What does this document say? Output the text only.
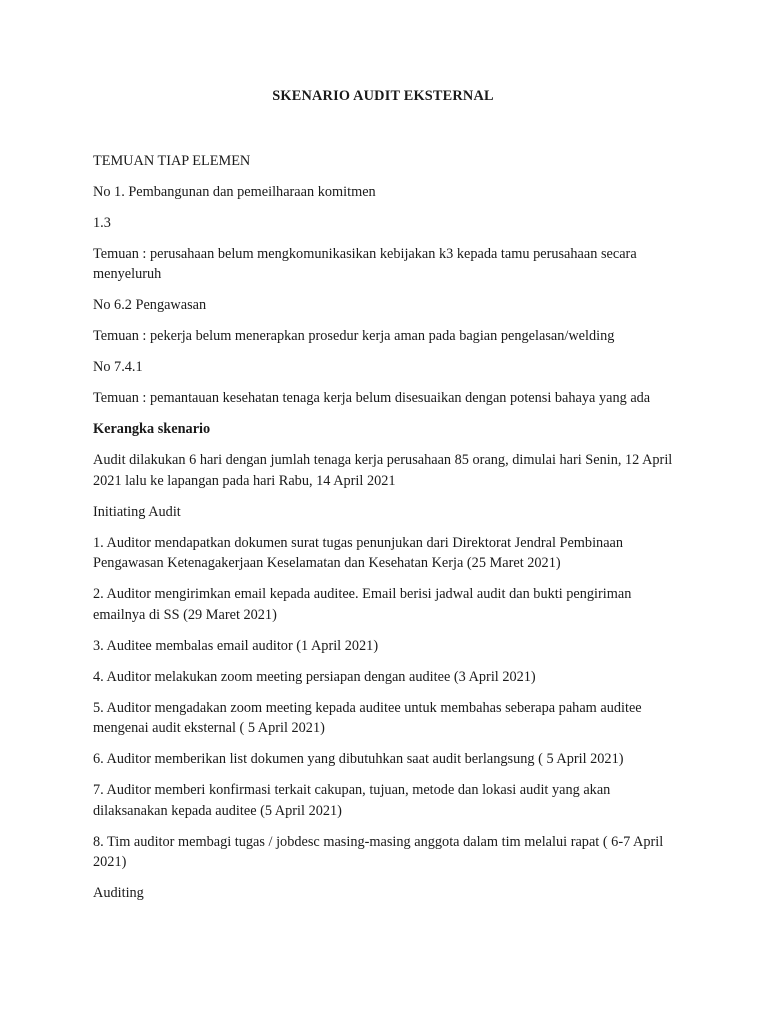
SKENARIO AUDIT EKSTERNAL

TEMUAN TIAP ELEMEN

No 1. Pembangunan dan pemeilharaan komitmen

1.3

Temuan : perusahaan belum mengkomunikasikan kebijakan k3 kepada tamu perusahaan secara menyeluruh

No 6.2 Pengawasan

Temuan : pekerja belum menerapkan prosedur kerja aman pada bagian pengelasan/welding

No 7.4.1

Temuan : pemantauan kesehatan tenaga kerja belum disesuaikan dengan potensi bahaya yang ada

Kerangka skenario

Audit dilakukan 6 hari dengan jumlah tenaga kerja perusahaan 85 orang, dimulai hari Senin, 12 April 2021 lalu ke lapangan pada hari Rabu, 14 April 2021

Initiating Audit

1. Auditor mendapatkan dokumen surat tugas penunjukan dari Direktorat Jendral Pembinaan Pengawasan Ketenagakerjaan Keselamatan dan Kesehatan Kerja (25 Maret 2021)

2. Auditor mengirimkan email kepada auditee. Email berisi jadwal audit dan bukti pengiriman emailnya di SS (29 Maret 2021)

3. Auditee membalas email auditor (1 April 2021)

4. Auditor melakukan zoom meeting persiapan dengan auditee (3 April 2021)

5. Auditor mengadakan zoom meeting kepada auditee untuk membahas seberapa paham auditee mengenai audit eksternal ( 5 April 2021)

6. Auditor memberikan list dokumen yang dibutuhkan saat audit berlangsung ( 5 April 2021)

7. Auditor memberi konfirmasi terkait cakupan, tujuan, metode dan lokasi audit yang akan dilaksanakan kepada auditee (5 April 2021)

8. Tim auditor membagi tugas / jobdesc masing-masing anggota dalam tim melalui rapat ( 6-7 April 2021)

Auditing
